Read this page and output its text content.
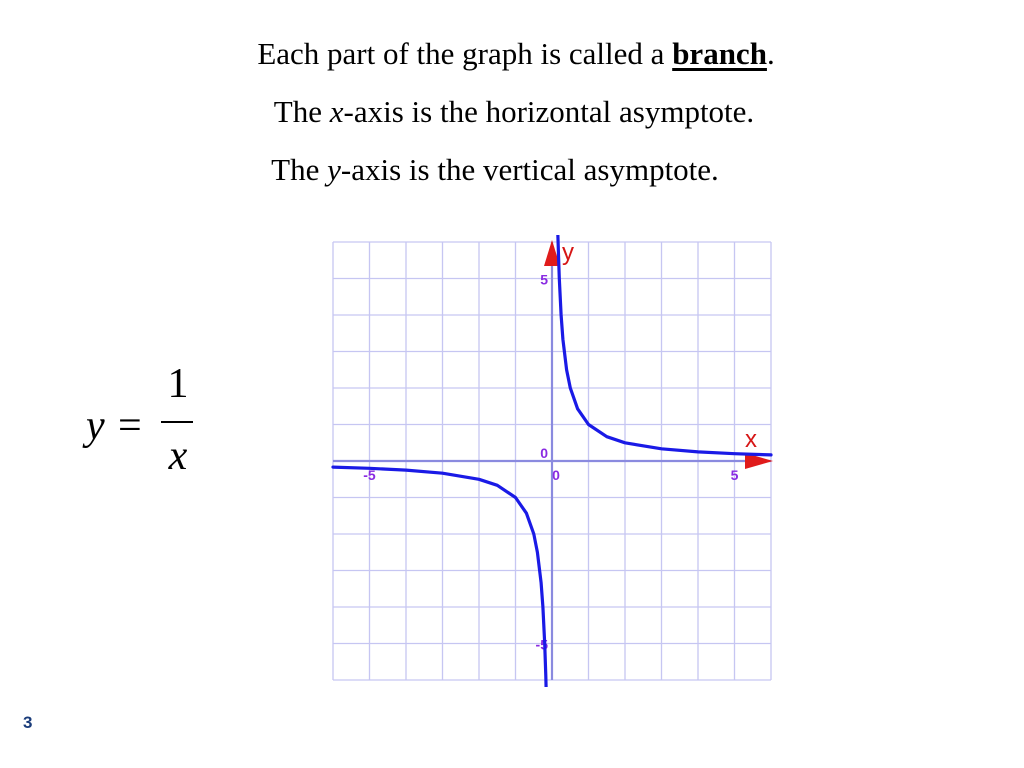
Each part of the graph is called a branch.
The x-axis is the horizontal asymptote.
The y-axis is the vertical asymptote.
y =
1
x	x
y
-5	0	5
5
0
-5
3
